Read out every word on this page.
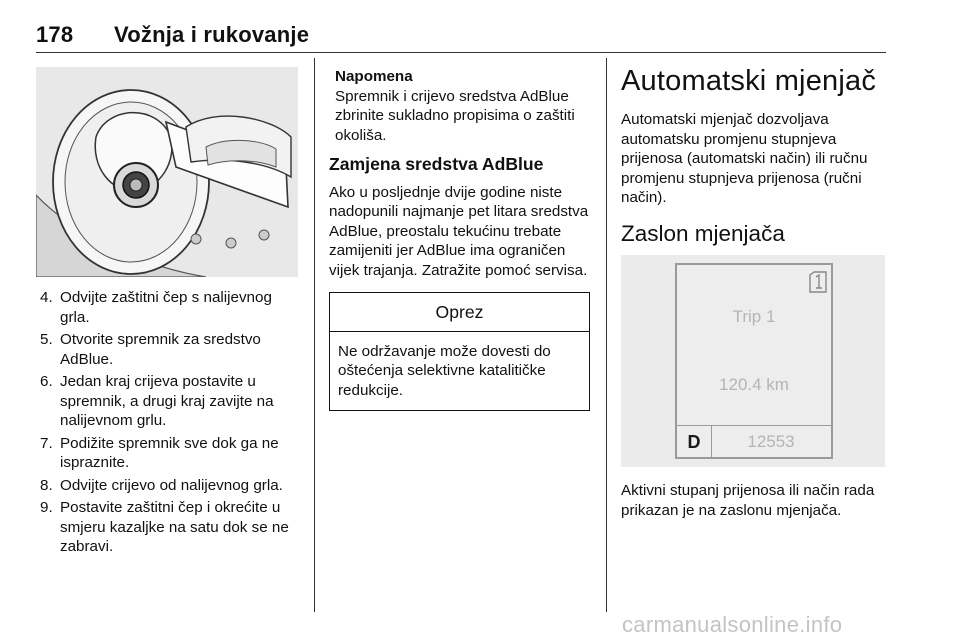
178 Vožnja i rukovanje
4. Odvijte zaštitni čep s nalijevnog grla.
5. Otvorite spremnik za sredstvo AdBlue.
6. Jedan kraj crijeva postavite u spremnik, a drugi kraj zavijte na nalijevnom grlu.
7. Podižite spremnik sve dok ga ne ispraznite.
8. Odvijte crijevo od nalijevnog grla.
9. Postavite zaštitni čep i okrećite u smjeru kazaljke na satu dok se ne zabravi.
Napomena
Spremnik i crijevo sredstva AdBlue zbrinite sukladno propisima o zaštiti okoliša.
Zamjena sredstva AdBlue
Ako u posljednje dvije godine niste nadopunili najmanje pet litara sredstva AdBlue, preostalu tekućinu trebate zamijeniti jer AdBlue ima ograničen vijek trajanja. Zatražite pomoć servisa.
Oprez
Ne održavanje može dovesti do oštećenja selektivne katalitičke redukcije.
Automatski mjenjač
Automatski mjenjač dozvoljava automatsku promjenu stupnjeva prijenosa (automatski način) ili ručnu promjenu stupnjeva prijenosa (ručni način).
Zaslon mjenjača
Trip 1
120.4 km
D	12553
Aktivni stupanj prijenosa ili način rada prikazan je na zaslonu mjenjača.
carmanualsonline.info
